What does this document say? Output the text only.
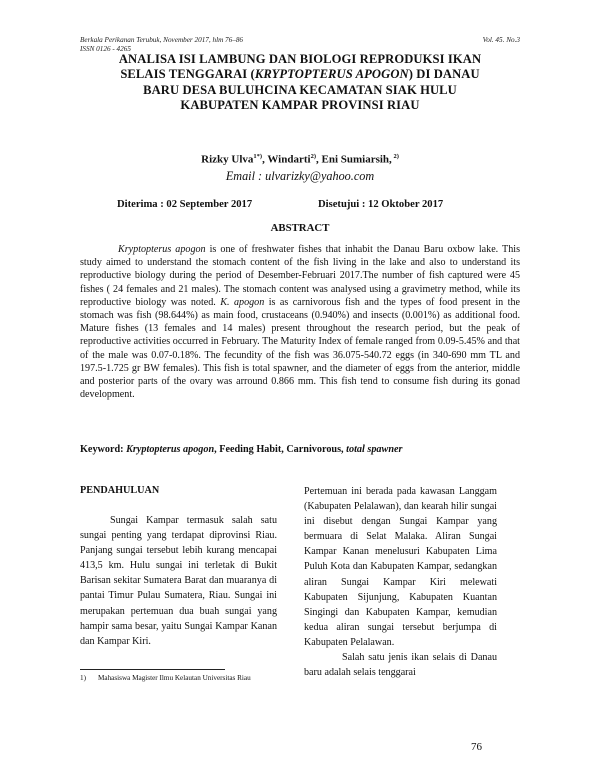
Berkala Perikanan Terubuk, November 2017, hlm 76–86
ISSN 0126 - 4265
Vol. 45. No.3
ANALISA ISI LAMBUNG DAN BIOLOGI REPRODUKSI IKAN
SELAIS TENGGARAI (KRYPTOPTERUS APOGON) DI DANAU
BARU DESA BULUHCINA KECAMATAN SIAK HULU
KABUPATEN KAMPAR PROVINSI RIAU
Rizky Ulva$^{1*)}$, Windarti$^{2)}$, Eni Sumiarsih, $^{2)}$
Email : ulvarizky@yahoo.com
Diterima : 02 September 2017	Disetujui : 12 Oktober 2017
ABSTRACT
Kryptopterus apogon is one of freshwater fishes that inhabit the Danau Baru oxbow lake. This study aimed to understand the stomach content of the fish living in the lake and also to understand its reproductive biology during the period of Desember-Februari 2017.The number of fish captured were 45 fishes ( 24 females and 21 males). The stomach content was analysed using a gravimetry method, while its reproductive biology was noted. K. apogon is as carnivorous fish and the types of food present in the stomach was fish (98.644%) as main food, crustaceans (0.940%) and insects (0.001%) as additional food. Mature fishes (13 females and 14 males) present throughout the research period, but the peak of reproductive activities occurred in February. The Maturity Index of female ranged from 0.09-5.45% and that of the male was 0.07-0.18%. The fecundity of the fish was 36.075-540.72 eggs (in 340-690 mm TL and 197.5-1.725 gr BW females). This fish is total spawner, and the diameter of eggs from the anterior, middle and posterior parts of the ovary was arround 0.866 mm. This fish tend to consume fish during its gonad development.
Keyword: Kryptopterus apogon, Feeding Habit, Carnivorous, total spawner
PENDAHULUAN
Sungai Kampar termasuk salah satu sungai penting yang terdapat diprovinsi Riau. Panjang sungai tersebut lebih kurang mencapai 413,5 km. Hulu sungai ini terletak di Bukit Barisan sekitar Sumatera Barat dan muaranya di pantai Timur Pulau Sumatera, Riau. Sungai ini merupakan pertemuan dua buah sungai yang hampir sama besar, yaitu Sungai Kampar Kanan dan Kampar Kiri.

Pertemuan ini berada pada kawasan Langgam (Kabupaten Pelalawan), dan kearah hilir sungai ini disebut dengan Sungai Kampar yang bermuara di Selat Malaka. Aliran Sungai Kampar Kanan menelusuri Kabupaten Lima Puluh Kota dan Kabupaten Kampar, sedangkan aliran Sungai Kampar Kiri melewati Kabupaten Sijunjung, Kabupaten Kuantan Singingi dan Kabupaten Kampar, kemudian kedua aliran sungai tersebut berjumpa di Kabupaten Pelalawan.

Salah satu jenis ikan selais di Danau baru adalah selais tenggarai

1) Mahasiswa Magister Ilmu Kelautan Universitas Riau
76
